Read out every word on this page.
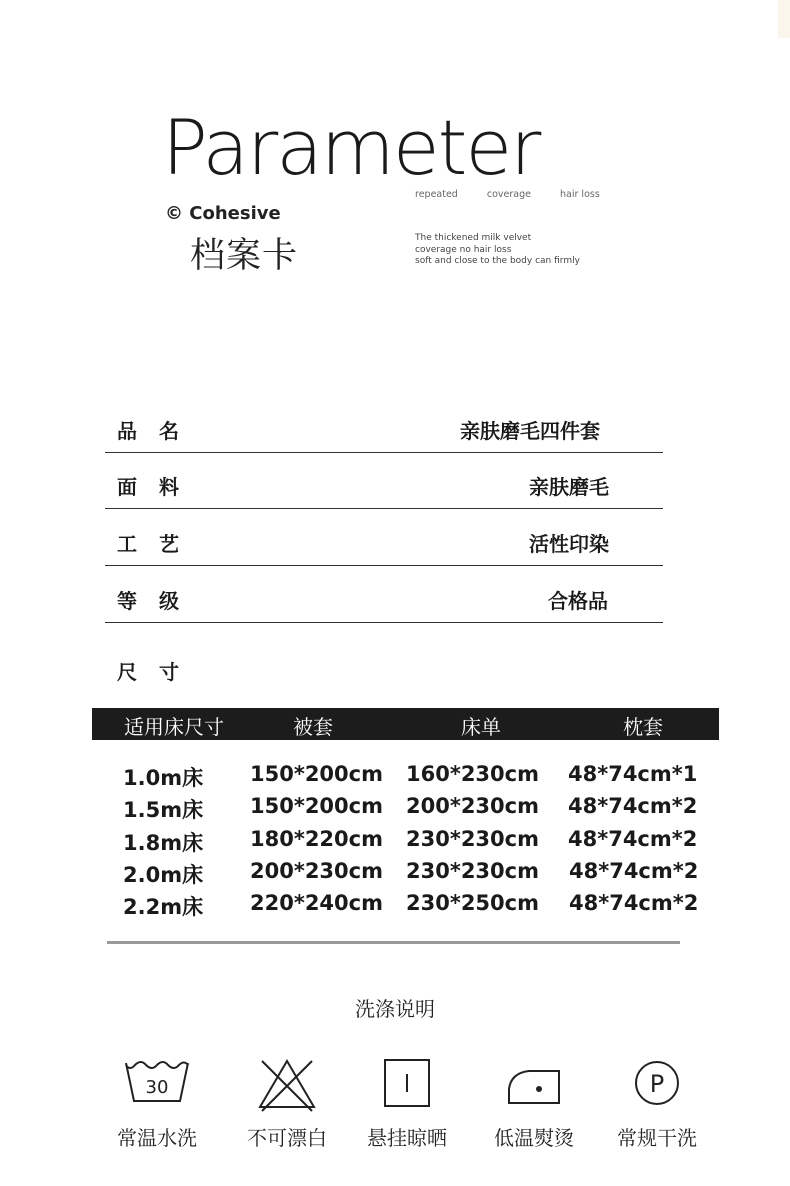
Parameter
repeated	coverage	hair loss
© Cohesive
档案卡	The thickened milk velvet
coverage no hair loss
soft and close to the body can firmly
品名	亲肤磨毛四件套
面料	亲肤磨毛
工艺	活性印染
等级	合格品
尺寸
适用床尺寸	被套	床单	枕套
1.0m床 150*200cm 160*230cm 48*74cm*1
1.5m床 150*200cm 200*230cm 48*74cm*2
1.8m床 180*220cm 230*230cm 48*74cm*2
2.0m床 200*230cm 230*230cm 48*74cm*2
2.2m床 220*240cm 230*250cm 48*74cm*2
洗涤说明
30
常温水洗	不可漂白	悬挂晾晒	低温熨烫
P
常规干洗
